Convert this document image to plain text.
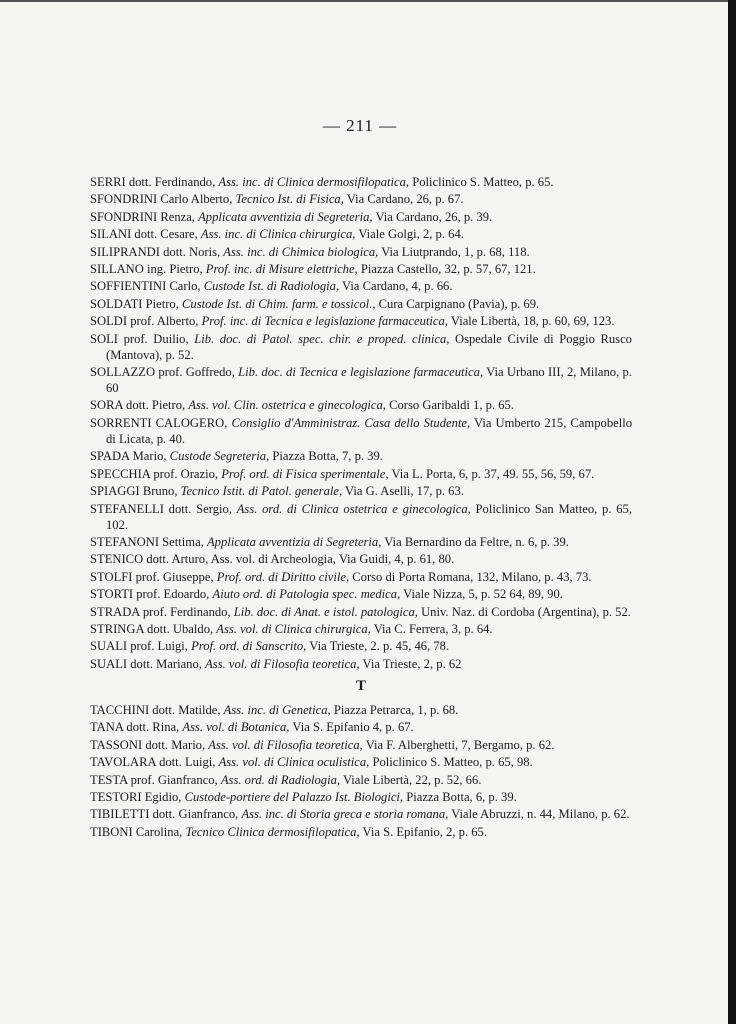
— 211 —

SERRI dott. Ferdinando, Ass. inc. di Clinica dermosifilopatica, Policlinico S. Matteo, p. 65.

SFONDRINI Carlo Alberto, Tecnico Ist. di Fisica, Via Cardano, 26, p. 67.

SFONDRINI Renza, Applicata avventizia di Segreteria, Via Cardano, 26, p. 39.

SILANI dott. Cesare, Ass. inc. di Clinica chirurgica, Viale Golgi, 2, p. 64.

SILIPRANDI dott. Noris, Ass. inc. di Chimica biologica, Via Liutprando, 1, p. 68, 118.

SILLANO ing. Pietro, Prof. inc. di Misure elettriche, Piazza Castello, 32, p. 57, 67, 121.

SOFFIENTINI Carlo, Custode Ist. di Radiologia, Via Cardano, 4, p. 66.

SOLDATI Pietro, Custode Ist. di Chim. farm. e tossicol., Cura Carpignano (Pavia), p. 69.

SOLDI prof. Alberto, Prof. inc. di Tecnica e legislazione farmaceutica, Viale Libertà, 18, p. 60, 69, 123.

SOLI prof. Duilio, Lib. doc. di Patol. spec. chir. e proped. clinica, Ospedale Civile di Poggio Rusco (Mantova), p. 52.

SOLLAZZO prof. Goffredo, Lib. doc. di Tecnica e legislazione farmaceutica, Via Urbano III, 2, Milano, p. 60

SORA dott. Pietro, Ass. vol. Clin. ostetrica e ginecologica, Corso Garibaldi 1, p. 65.

SORRENTI CALOGERO, Consiglio d'Amministraz. Casa dello Studente, Via Umberto 215, Campobello di Licata, p. 40.

SPADA Mario, Custode Segreteria, Piazza Botta, 7, p. 39.

SPECCHIA prof. Orazio, Prof. ord. di Fisica sperimentale, Via L. Porta, 6, p. 37, 49. 55, 56, 59, 67.

SPIAGGI Bruno, Tecnico Istit. di Patol. generale, Via G. Aselli, 17, p. 63.

STEFANELLI dott. Sergio, Ass. ord. di Clinica ostetrica e ginecologica, Policlinico San Matteo, p. 65, 102.

STEFANONI Settima, Applicata avventizia di Segreteria, Via Bernardino da Feltre, n. 6, p. 39.

STENICO dott. Arturo, Ass. vol. di Archeologia, Via Guidi, 4, p. 61, 80.

STOLFI prof. Giuseppe, Prof. ord. di Diritto civile, Corso di Porta Romana, 132, Milano, p. 43, 73.

STORTI prof. Edoardo, Aiuto ord. di Patologia spec. medica, Viale Nizza, 5, p. 52 64, 89, 90.

STRADA prof. Ferdinando, Lib. doc. di Anat. e istol. patologica, Univ. Naz. di Cordoba (Argentina), p. 52.

STRINGA dott. Ubaldo, Ass. vol. di Clinica chirurgica, Via C. Ferrera, 3, p. 64.

SUALI prof. Luigi, Prof. ord. di Sanscrito, Via Trieste, 2. p. 45, 46, 78.

SUALI dott. Mariano, Ass. vol. di Filosofia teoretica, Via Trieste, 2, p. 62

T

TACCHINI dott. Matilde, Ass. inc. di Genetica, Piazza Petrarca, 1, p. 68.

TANA dott. Rina, Ass. vol. di Botanica, Via S. Epifanio 4, p. 67.

TASSONI dott. Mario, Ass. vol. di Filosofia teoretica, Via F. Alberghetti, 7, Bergamo, p. 62.

TAVOLARA dott. Luigi, Ass. vol. di Clinica oculistica, Policlinico S. Matteo, p. 65, 98.

TESTA prof. Gianfranco, Ass. ord. di Radiologia, Viale Libertà, 22, p. 52, 66.

TESTORI Egidio, Custode-portiere del Palazzo Ist. Biologici, Piazza Botta, 6, p. 39.

TIBILETTI dott. Gianfranco, Ass. inc. di Storia greca e storia romana, Viale Abruzzi, n. 44, Milano, p. 62.

TIBONI Carolina, Tecnico Clinica dermosifilopatica, Via S. Epifanio, 2, p. 65.
